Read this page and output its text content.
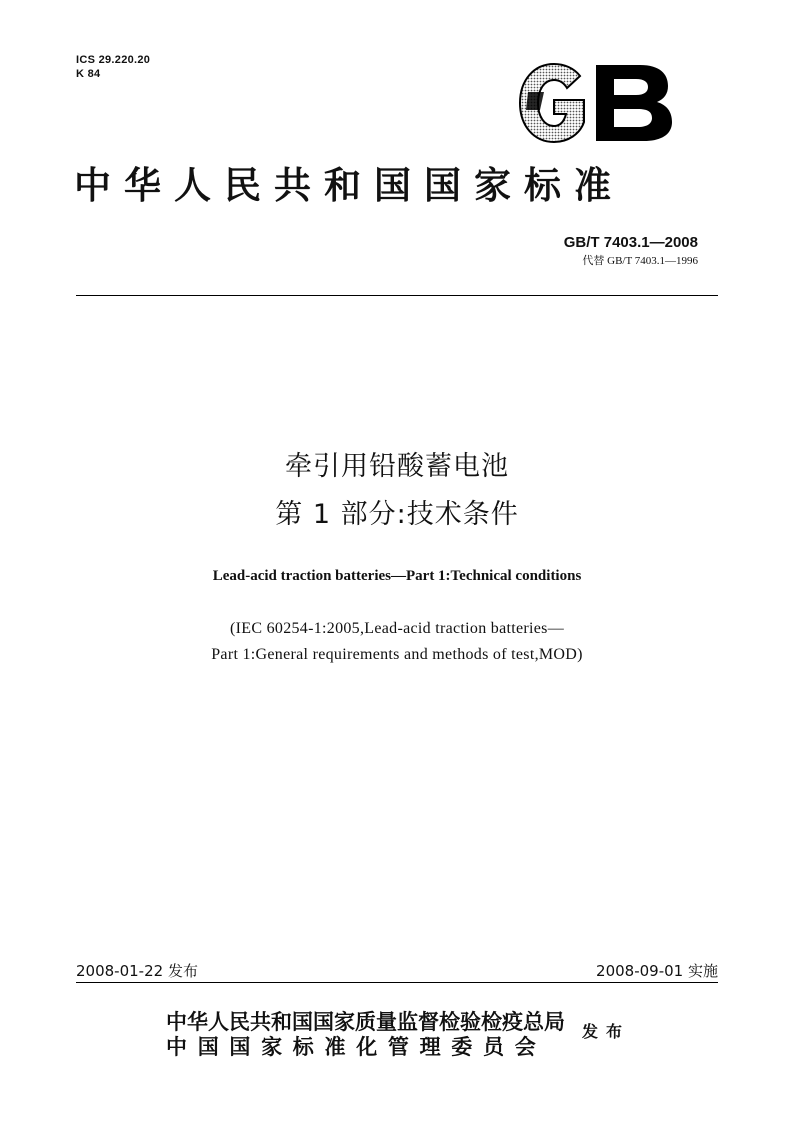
ICS 29.220.20
K 84
中华人民共和国国家标准
GB/T 7403.1—2008
代替 GB/T 7403.1—1996
牵引用铅酸蓄电池
第 1 部分:技术条件
Lead-acid traction batteries—Part 1:Technical conditions
(IEC 60254-1:2005,Lead-acid traction batteries—
Part 1:General requirements and methods of test,MOD)
2008-01-22 发布	2008-09-01 实施
中华人民共和国国家质量监督检验检疫总局
中国国家标准化管理委员会
发布
